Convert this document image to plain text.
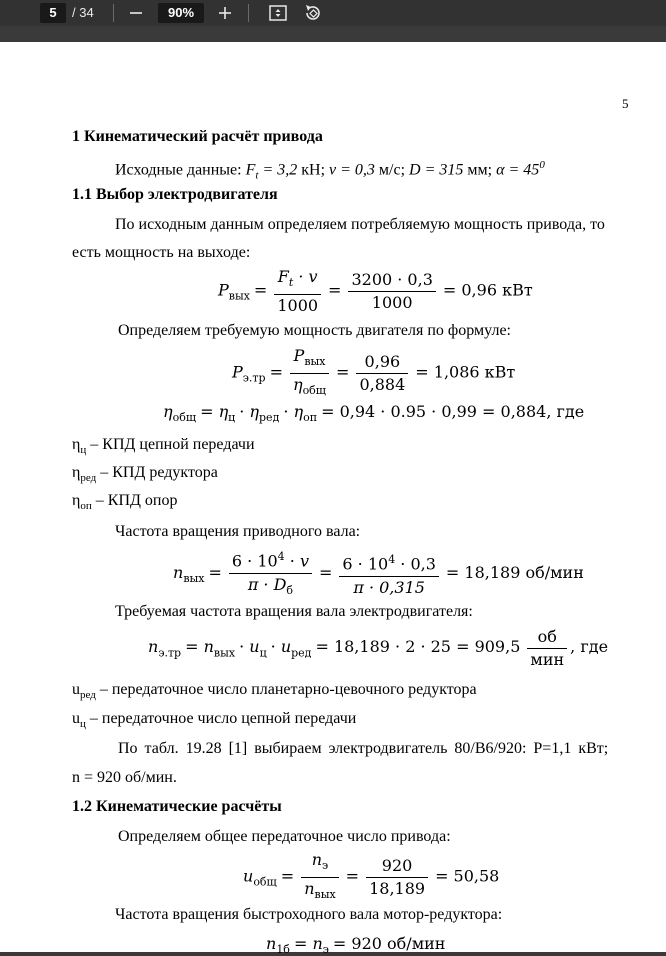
5	/ 34	90%
5
1 Кинематический расчёт привода
Исходные данные: $F_t = 3,2$ кН; v = 0,3 м/с; D = 315 мм; $\alpha = 45^0$
1.1 Выбор электродвигателя
По исходным данным определяем потребляемую мощность привода, то
есть мощность на выходе:
$P_{вых} = \frac{F_t \cdot v}{1000} = \frac{3200 \cdot 0,3}{1000} = 0,96$ кВт
Определяем требуемую мощность двигателя по формуле:
$P_{э.тр} = \frac{P_{вых}}{\eta_{общ}} = \frac{0,96}{0,884} = 1,086$ кВт
$\eta_{общ} = \eta_ц \cdot \eta_{ред} \cdot \eta_{оп} = 0,94 \cdot 0.95 \cdot 0,99 = 0,884$, где
$\eta_ц$ – КПД цепной передачи
$\eta_{ред}$ – КПД редуктора
$\eta_{оп}$ – КПД опор
Частота вращения приводного вала:
$n_{вых} = \frac{6 \cdot 10^4 \cdot v}{\pi \cdot D_б} = \frac{6 \cdot 10^4 \cdot 0,3}{\pi \cdot 0,315} = 18,189$ об/мин
Требуемая частота вращения вала электродвигателя:
$n_{э.тр} = n_{вых} \cdot u_ц \cdot u_{ред} = 18,189 \cdot 2 \cdot 25 = 909,5 \frac{об}{\text{мин}}$ , где
$u_{ред}$ – передаточное число планетарно-цевочного редуктора
$u_ц$ – передаточное число цепной передачи
По табл. 19.28 [1] выбираем электродвигатель 80/В6/920: Р=1,1 кВт;
n = 920 об/мин.
1.2 Кинематические расчёты
Определяем общее передаточное число привода:
$u_{общ} = \frac{n_э}{n_{вых}} = \frac{920}{18,189} = 50,58$
Частота вращения быстроходного вала мотор-редуктора:
$n_{1б} = n_э = 920$ об/мин
